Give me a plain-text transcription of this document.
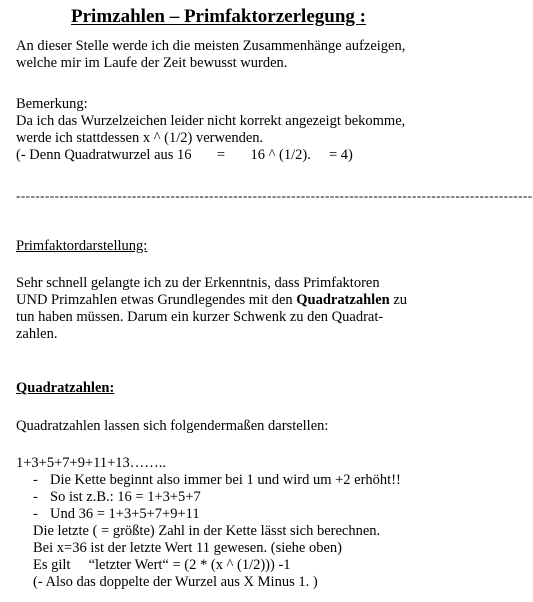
Primzahlen – Primfaktorzerlegung :
An dieser Stelle werde ich die meisten Zusammenhänge aufzeigen,
welche mir im Laufe der Zeit bewusst wurden.
Bemerkung:
Da ich das Wurzelzeichen leider nicht korrekt angezeigt bekomme,
werde ich stattdessen x ^ (1/2) verwenden.
(- Denn Quadratwurzel aus 16       =       16 ^ (1/2).     = 4)
-----------------------------------------------------------------------------------------------------------
Primfaktordarstellung:
Sehr schnell gelangte ich zu der Erkenntnis, dass Primfaktoren
UND Primzahlen etwas Grundlegendes mit den Quadratzahlen zu
tun haben müssen. Darum ein kurzer Schwenk zu den Quadrat-
zahlen.
Quadratzahlen:
Quadratzahlen lassen sich folgendermaßen darstellen:
1+3+5+7+9+11+13……..
- Die Kette beginnt also immer bei 1 und wird um +2 erhöht!!
- So ist z.B.: 16 = 1+3+5+7
- Und 36 = 1+3+5+7+9+11
Die letzte ( = größte) Zahl in der Kette lässt sich berechnen.
Bei x=36 ist der letzte Wert 11 gewesen. (siehe oben)
Es gilt     “letzter Wert“ = (2 * (x ^ (1/2))) -1
(- Also das doppelte der Wurzel aus X Minus 1. )
